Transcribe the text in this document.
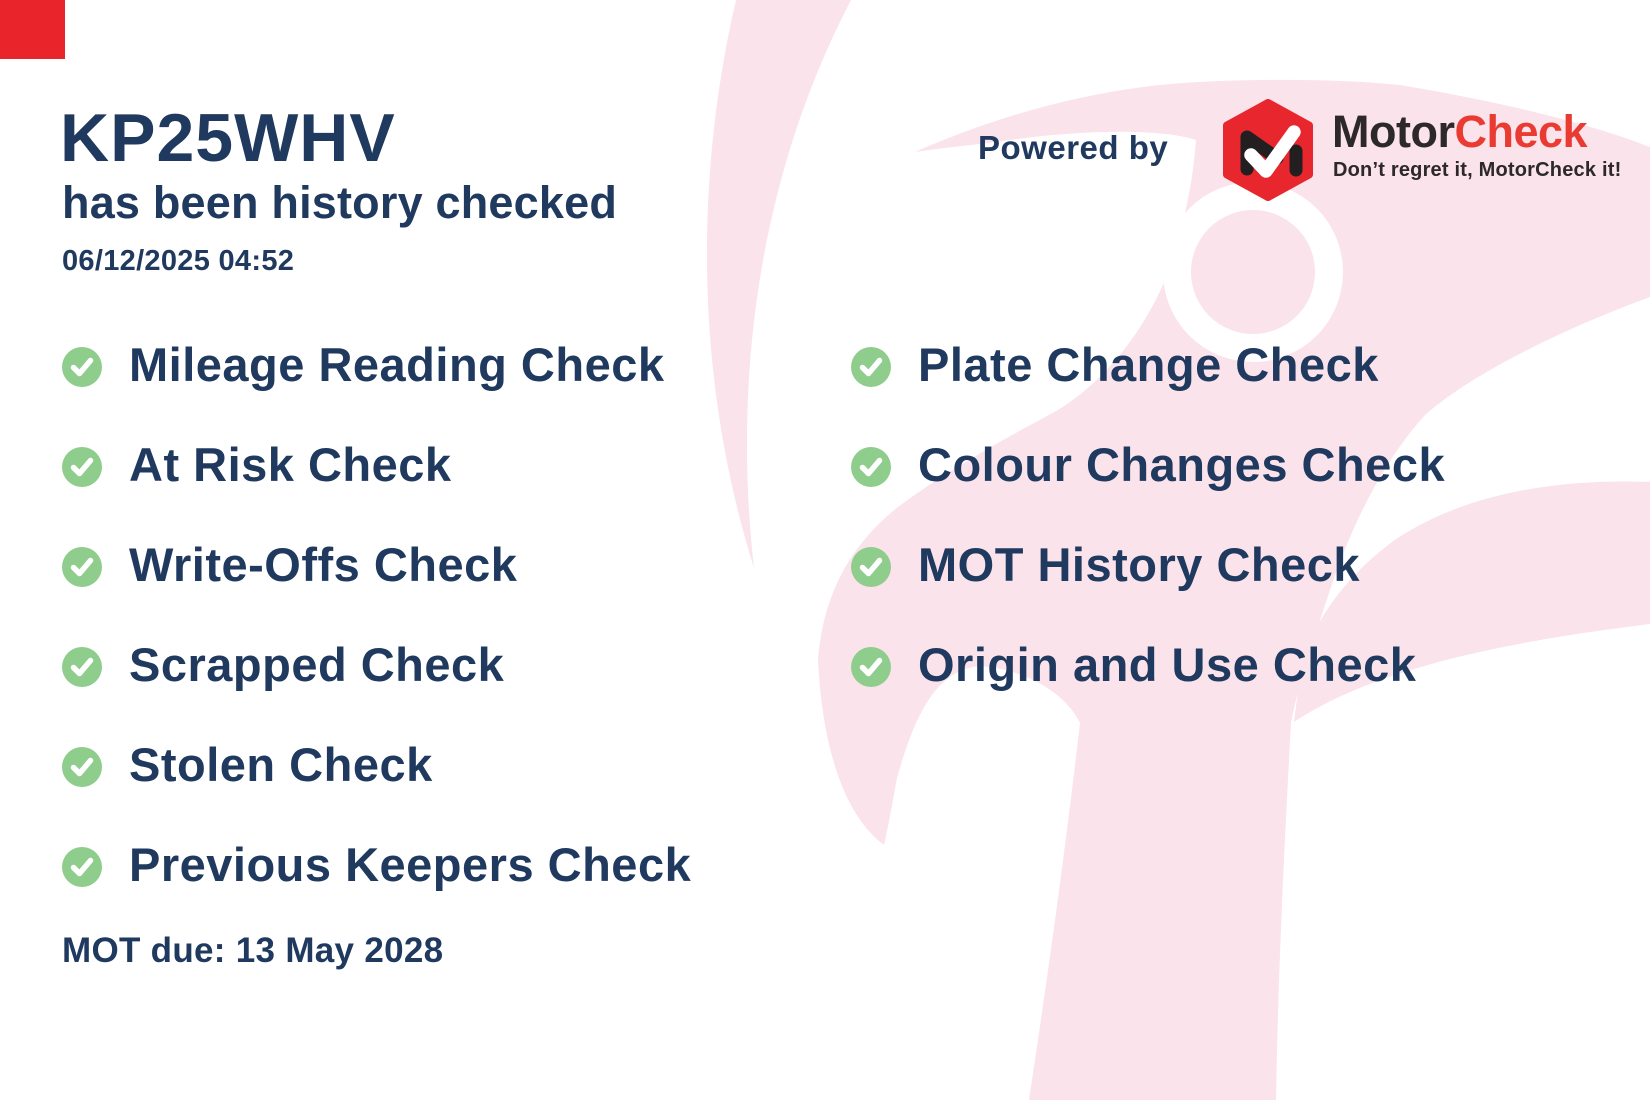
KP25WHV
has been history checked
06/12/2025 04:52
Powered by	MotorCheck
Don’t regret it, MotorCheck it!
Mileage Reading Check
At Risk Check
Write-Offs Check
Scrapped Check
Stolen Check
Previous Keepers Check
Plate Change Check
Colour Changes Check
MOT History Check
Origin and Use Check
MOT due: 13 May 2028
